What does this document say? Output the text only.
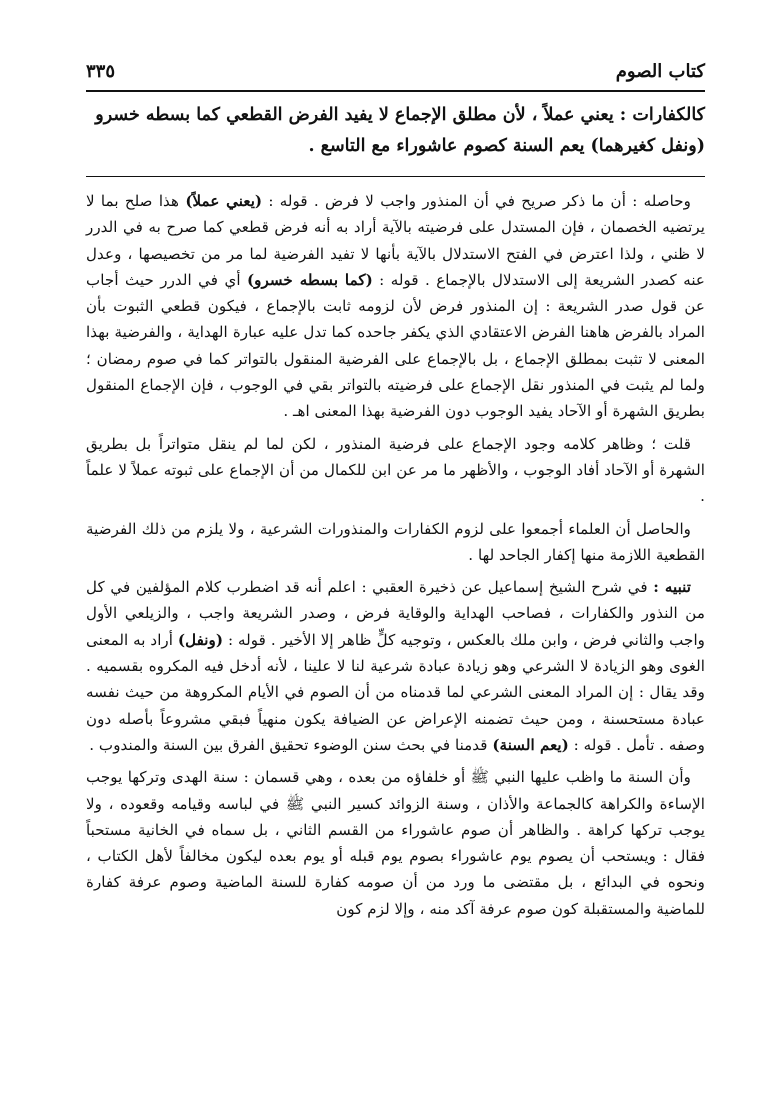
كتاب الصوم
٣٣٥
كالكفارات : يعني عملاً ، لأن مطلق الإجماع لا يفيد الفرض القطعي كما بسطه خسرو
(ونفل كغيرهما) يعم السنة كصوم عاشوراء مع التاسع .

وحاصله : أن ما ذكر صريح في أن المنذور واجب لا فرض . قوله : (يعني عملاً) هذا صلح بما لا يرتضيه الخصمان ، فإن المستدل على فرضيته بالآية أراد به أنه فرض قطعي كما صرح به في الدرر لا ظني ، ولذا اعترض في الفتح الاستدلال بالآية بأنها لا تفيد الفرضية لما مر من تخصيصها ، وعدل عنه كصدر الشريعة إلى الاستدلال بالإجماع . قوله : (كما بسطه خسرو) أي في الدرر حيث أجاب عن قول صدر الشريعة : إن المنذور فرض لأن لزومه ثابت بالإجماع ، فيكون قطعي الثبوت بأن المراد بالفرض هاهنا الفرض الاعتقادي الذي يكفر جاحده كما تدل عليه عبارة الهداية ، والفرضية بهذا المعنى لا تثبت بمطلق الإجماع ، بل بالإجماع على الفرضية المنقول بالتواتر كما في صوم رمضان ؛ ولما لم يثبت في المنذور نقل الإجماع على فرضيته بالتواتر بقي في الوجوب ، فإن الإجماع المنقول بطريق الشهرة أو الآحاد يفيد الوجوب دون الفرضية بهذا المعنى اهـ .

قلت ؛ وظاهر كلامه وجود الإجماع على فرضية المنذور ، لكن لما لم ينقل متواتراً بل بطريق الشهرة أو الآحاد أفاد الوجوب ، والأظهر ما مر عن ابن للكمال من أن الإجماع على ثبوته عملاً لا علماً .

والحاصل أن العلماء أجمعوا على لزوم الكفارات والمنذورات الشرعية ، ولا يلزم من ذلك الفرضية القطعية اللازمة منها إكفار الجاحد لها .

تنبيه : في شرح الشيخ إسماعيل عن ذخيرة العقبي : اعلم أنه قد اضطرب كلام المؤلفين في كل من النذور والكفارات ، فصاحب الهداية والوقاية فرض ، وصدر الشريعة واجب ، والزيلعي الأول واجب والثاني فرض ، وابن ملك بالعكس ، وتوجيه كلٍّ ظاهر إلا الأخير . قوله : (ونفل) أراد به المعنى الغوى وهو الزيادة لا الشرعي وهو زيادة عبادة شرعية لنا لا علينا ، لأنه أدخل فيه المكروه بقسميه . وقد يقال : إن المراد المعنى الشرعي لما قدمناه من أن الصوم في الأيام المكروهة من حيث نفسه عبادة مستحسنة ، ومن حيث تضمنه الإعراض عن الضيافة يكون منهياً فبقي مشروعاً بأصله دون وصفه . تأمل . قوله : (يعم السنة) قدمنا في بحث سنن الوضوء تحقيق الفرق بين السنة والمندوب .

وأن السنة ما واظب عليها النبي ﷺ أو خلفاؤه من بعده ، وهي قسمان : سنة الهدى وتركها يوجب الإساءة والكراهة كالجماعة والأذان ، وسنة الزوائد كسير النبي ﷺ في لباسه وقيامه وقعوده ، ولا يوجب تركها كراهة . والظاهر أن صوم عاشوراء من القسم الثاني ، بل سماه في الخانية مستحباً فقال : ويستحب أن يصوم يوم عاشوراء بصوم يوم قبله أو يوم بعده ليكون مخالفاً لأهل الكتاب ، ونحوه في البدائع ، بل مقتضى ما ورد من أن صومه كفارة للسنة الماضية وصوم عرفة كفارة للماضية والمستقبلة كون صوم عرفة آكد منه ، وإلا لزم كون
